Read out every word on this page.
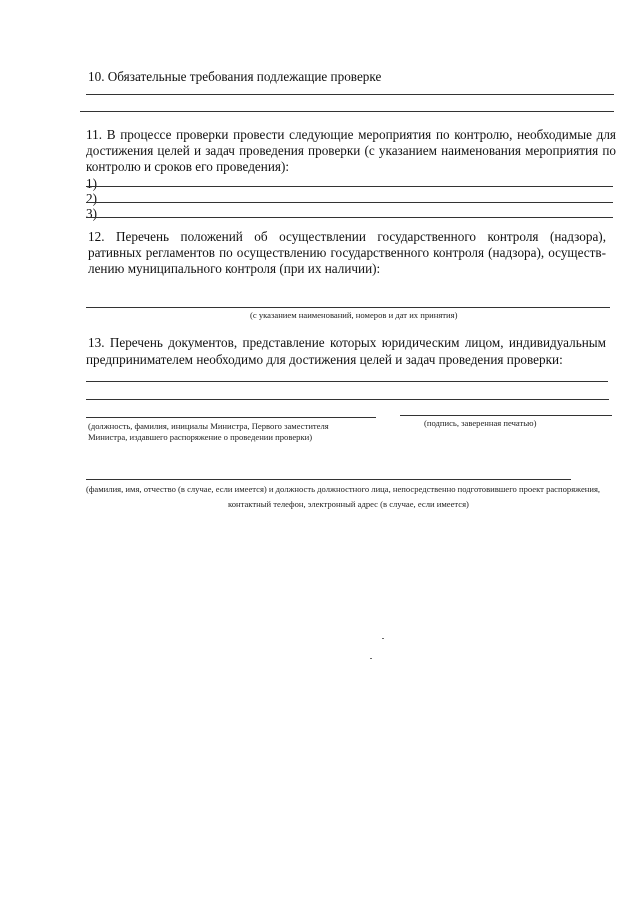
10. Обязательные требования подлежащие проверке
11. В процессе проверки провести следующие мероприятия по контролю, необходимые для
достижения целей и задач проведения проверки (с указанием наименования мероприятия по
контролю и сроков его проведения):
1)
2)
3)
12. Перечень положений об осуществлении государственного контроля (надзора),
ративных регламентов по осуществлению государственного контроля (надзора), осуществ-
лению муниципального контроля (при их наличии):
(с указанием наименований, номеров и дат их принятия)
13. Перечень документов, представление которых юридическим лицом, индивидуальным
предпринимателем необходимо для достижения целей и задач проведения проверки:
(должность, фамилия, инициалы Министра, Первого заместителя
Министра, издавшего распоряжение о проведении проверки)
(подпись, заверенная печатью)
(фамилия, имя, отчество (в случае, если имеется) и должность должностного лица, непосредственно подготовившего проект распоряжения,
контактный телефон, электронный адрес (в случае, если имеется)
